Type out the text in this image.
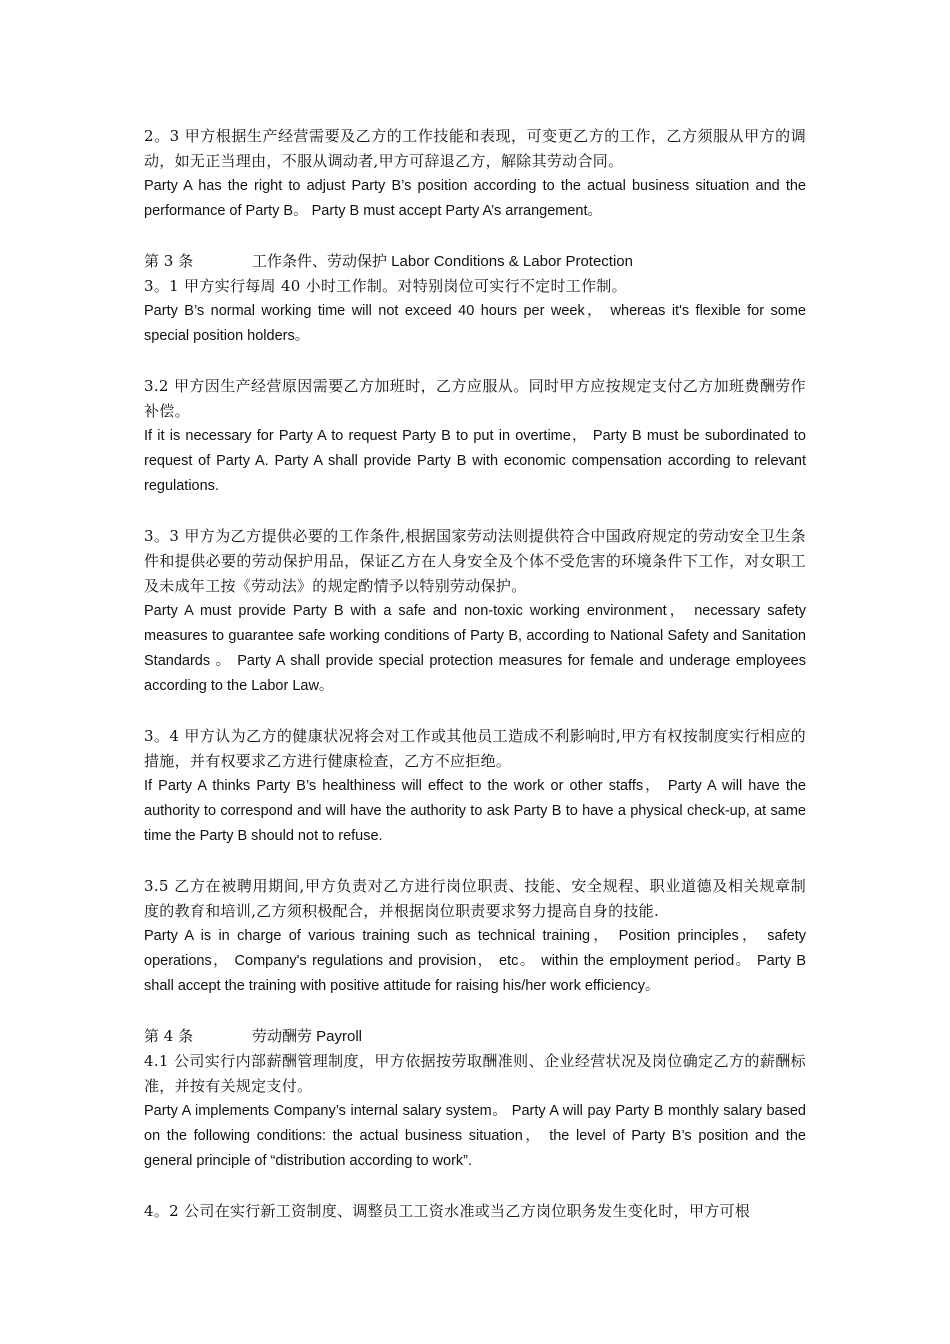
2。3 甲方根据生产经营需要及乙方的工作技能和表现，可变更乙方的工作，乙方须服从甲方的调动，如无正当理由，不服从调动者,甲方可辞退乙方，解除其劳动合同。

Party A has the right to adjust Party B’s position according to the actual business situation and the performance of Party B。 Party B must accept Party A’s arrangement。

第 3 条	工作条件、劳动保护 Labor Conditions & Labor Protection

3。1 甲方实行每周 40 小时工作制。对特别岗位可实行不定时工作制。

Party B’s normal working time will not exceed 40 hours per week， whereas it's flexible for some special position holders。

3.2 甲方因生产经营原因需要乙方加班时，乙方应服从。同时甲方应按规定支付乙方加班费酬劳作补偿。

If it is necessary for Party A to request Party B to put in overtime， Party B must be subordinated to request of Party A. Party A shall provide Party B with economic compensation according to relevant regulations.

3。3 甲方为乙方提供必要的工作条件,根据国家劳动法则提供符合中国政府规定的劳动安全卫生条件和提供必要的劳动保护用品，保证乙方在人身安全及个体不受危害的环境条件下工作，对女职工及未成年工按《劳动法》的规定酌情予以特别劳动保护。

Party A must provide Party B with a safe and non-toxic working environment， necessary safety measures to guarantee safe working conditions of Party B, according to National Safety and Sanitation Standards 。 Party A shall provide special protection measures for female and underage employees according to the Labor Law。

3。4 甲方认为乙方的健康状况将会对工作或其他员工造成不利影响时,甲方有权按制度实行相应的措施，并有权要求乙方进行健康检查，乙方不应拒绝。

If Party A thinks Party B’s healthiness will effect to the work or other staffs， Party A will have the authority to correspond and will have the authority to ask Party B to have a physical check-up, at same time the Party B should not to refuse.

3.5 乙方在被聘用期间,甲方负责对乙方进行岗位职责、技能、安全规程、职业道德及相关规章制度的教育和培训,乙方须积极配合，并根据岗位职责要求努力提高自身的技能.

Party A is in charge of various training such as technical training， Position principles， safety operations， Company's regulations and provision， etc。 within the employment period。 Party B shall accept the training with positive attitude for raising his/her work efficiency。

第 4 条	劳动酬劳 Payroll

4.1 公司实行内部薪酬管理制度，甲方依据按劳取酬准则、企业经营状况及岗位确定乙方的薪酬标准，并按有关规定支付。

Party A implements Company’s internal salary system。 Party A will pay Party B monthly salary based on the following conditions: the actual business situation， the level of Party B’s position and the general principle of “distribution according to work”.

4。2 公司在实行新工资制度、调整员工工资水准或当乙方岗位职务发生变化时，甲方可根
